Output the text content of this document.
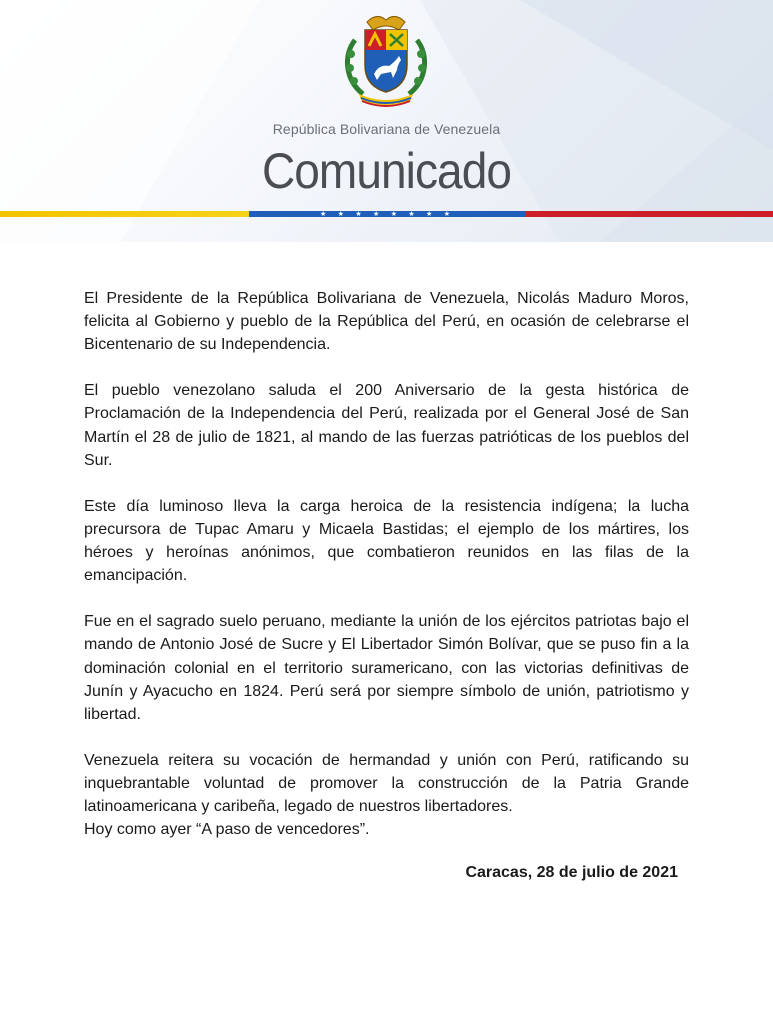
República Bolivariana de Venezuela
Comunicado
★ ★ ★ ★ ★ ★ ★ ★

El Presidente de la República Bolivariana de Venezuela, Nicolás Maduro Moros, felicita al Gobierno y pueblo de la República del Perú, en ocasión de celebrarse el Bicentenario de su Independencia.

El pueblo venezolano saluda el 200 Aniversario de la gesta histórica de Proclamación de la Independencia del Perú, realizada por el General José de San Martín el 28 de julio de 1821, al mando de las fuerzas patrióticas de los pueblos del Sur.

Este día luminoso lleva la carga heroica de la resistencia indígena; la lucha precursora de Tupac Amaru y Micaela Bastidas; el ejemplo de los mártires, los héroes y heroínas anónimos, que combatieron reunidos en las filas de la emancipación.

Fue en el sagrado suelo peruano, mediante la unión de los ejércitos patriotas bajo el mando de Antonio José de Sucre y El Libertador Simón Bolívar, que se puso fin a la dominación colonial en el territorio suramericano, con las victorias definitivas de Junín y Ayacucho en 1824. Perú será por siempre símbolo de unión, patriotismo y libertad.

Venezuela reitera su vocación de hermandad y unión con Perú, ratificando su inquebrantable voluntad de promover la construcción de la Patria Grande latinoamericana y caribeña, legado de nuestros libertadores.

Hoy como ayer “A paso de vencedores”.

Caracas, 28 de julio de 2021
